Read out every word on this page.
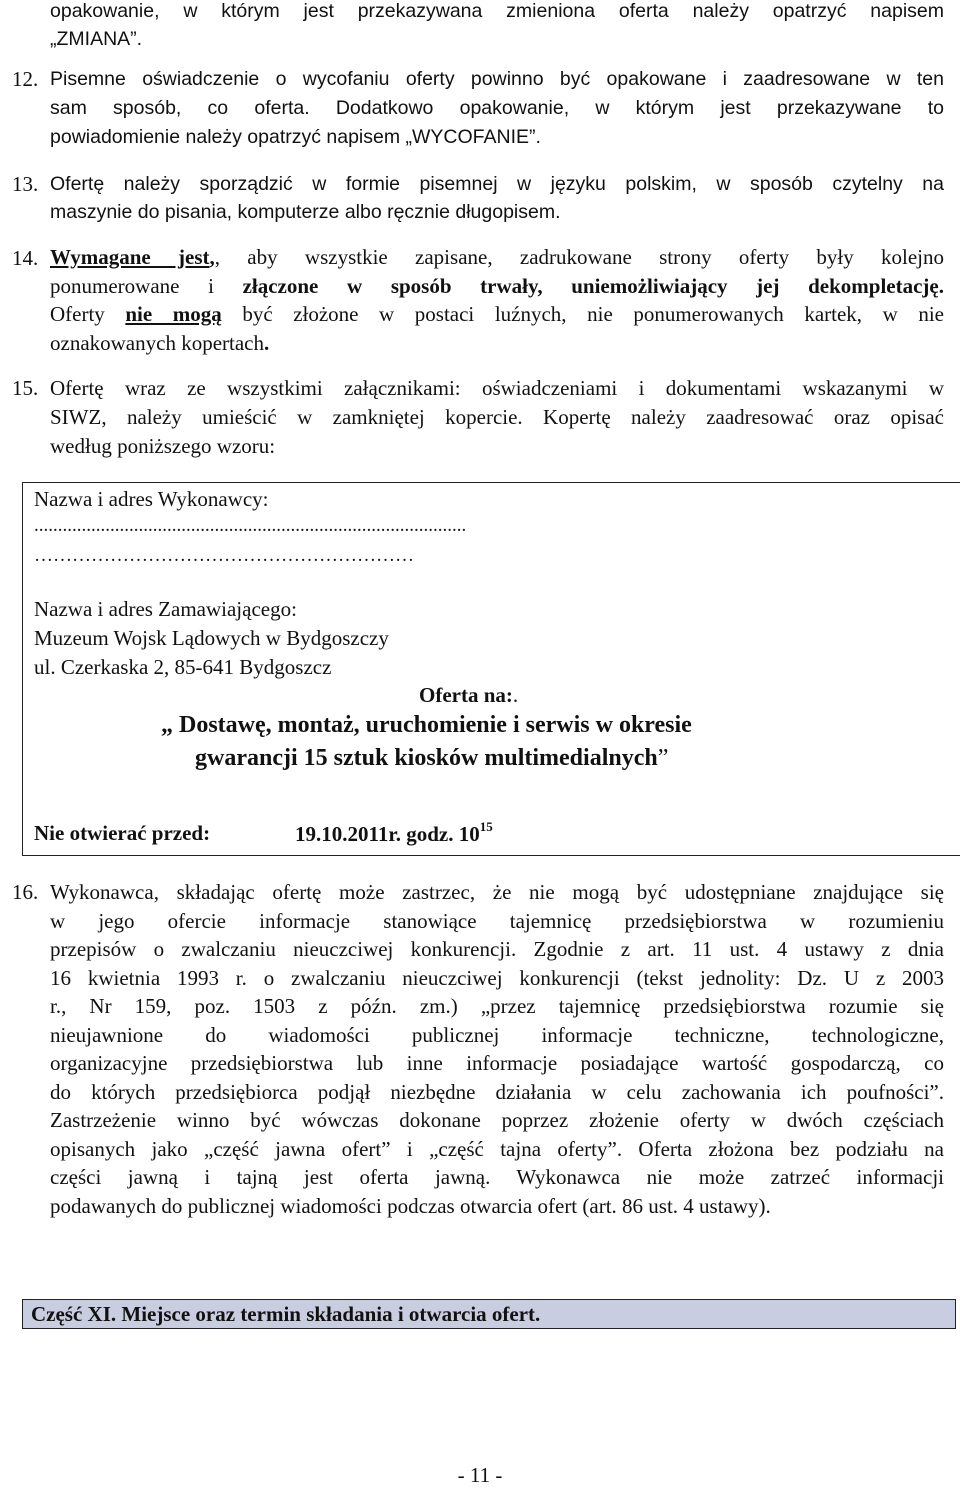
opakowanie, w którym jest przekazywana zmieniona oferta należy opatrzyć napisem
„ZMIANA”.
12. Pisemne oświadczenie o wycofaniu oferty powinno być opakowane i zaadresowane w ten
sam sposób, co oferta. Dodatkowo opakowanie, w którym jest przekazywane to
powiadomienie należy opatrzyć napisem „WYCOFANIE”.
13. Ofertę należy sporządzić w formie pisemnej w języku polskim, w sposób czytelny na
maszynie do pisania, komputerze albo ręcznie długopisem.
14. Wymagane jest,, aby wszystkie zapisane, zadrukowane strony oferty były kolejno
ponumerowane i złączone w sposób trwały, uniemożliwiający jej dekompletację.
Oferty nie mogą być złożone w postaci luźnych, nie ponumerowanych kartek, w nie
oznakowanych kopertach.
15. Ofertę wraz ze wszystkimi załącznikami: oświadczeniami i dokumentami wskazanymi w
SIWZ, należy umieścić w zamkniętej kopercie. Kopertę należy zaadresować oraz opisać
według poniższego wzoru:
Nazwa i adres Wykonawcy:
...........................................................................................
……………………………………………………
Nazwa i adres Zamawiającego:
Muzeum Wojsk Lądowych w Bydgoszczy
ul. Czerkaska 2, 85-641 Bydgoszcz
Oferta na:.
„ Dostawę, montaż, uruchomienie i serwis w okresie
gwarancji 15 sztuk kiosków multimedialnych”
Nie otwierać przed:	19.10.2011r. godz. $10^{15}$
16. Wykonawca, składając ofertę może zastrzec, że nie mogą być udostępniane znajdujące się
w jego ofercie informacje stanowiące tajemnicę przedsiębiorstwa w rozumieniu
przepisów o zwalczaniu nieuczciwej konkurencji. Zgodnie z art. 11 ust. 4 ustawy z dnia
16 kwietnia 1993 r. o zwalczaniu nieuczciwej konkurencji (tekst jednolity: Dz. U z 2003
r., Nr 159, poz. 1503 z późn. zm.) „przez tajemnicę przedsiębiorstwa rozumie się
nieujawnione do wiadomości publicznej informacje techniczne, technologiczne,
organizacyjne przedsiębiorstwa lub inne informacje posiadające wartość gospodarczą, co
do których przedsiębiorca podjął niezbędne działania w celu zachowania ich poufności”.
Zastrzeżenie winno być wówczas dokonane poprzez złożenie oferty w dwóch częściach
opisanych jako „część jawna ofert” i „część tajna oferty”. Oferta złożona bez podziału na
części jawną i tajną jest oferta jawną. Wykonawca nie może zatrzeć informacji
podawanych do publicznej wiadomości podczas otwarcia ofert (art. 86 ust. 4 ustawy).
Część XI. Miejsce oraz termin składania i otwarcia ofert.
- 11 -
